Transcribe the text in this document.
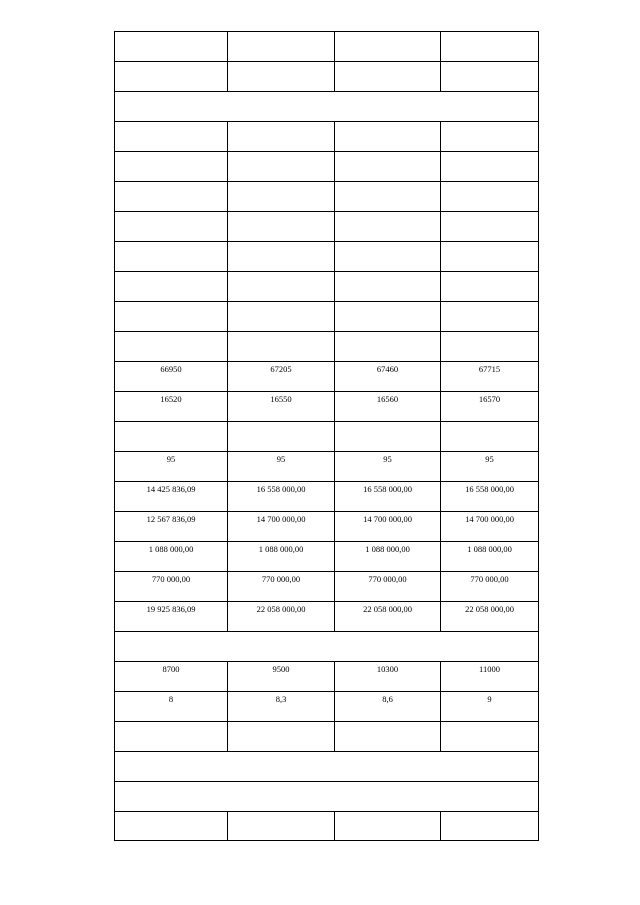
66950	67205	67460	67715

16520	16550	16560	16570

95	95	95	95

14 425 836,09	16 558 000,00	16 558 000,00	16 558 000,00

12 567 836,09	14 700 000,00	14 700 000,00	14 700 000,00

1 088 000,00	1 088 000,00	1 088 000,00	1 088 000,00

770 000,00	770 000,00	770 000,00	770 000,00

19 925 836,09	22 058 000,00	22 058 000,00	22 058 000,00

8700	9500	10300	11000

8	8,3	8,6	9
